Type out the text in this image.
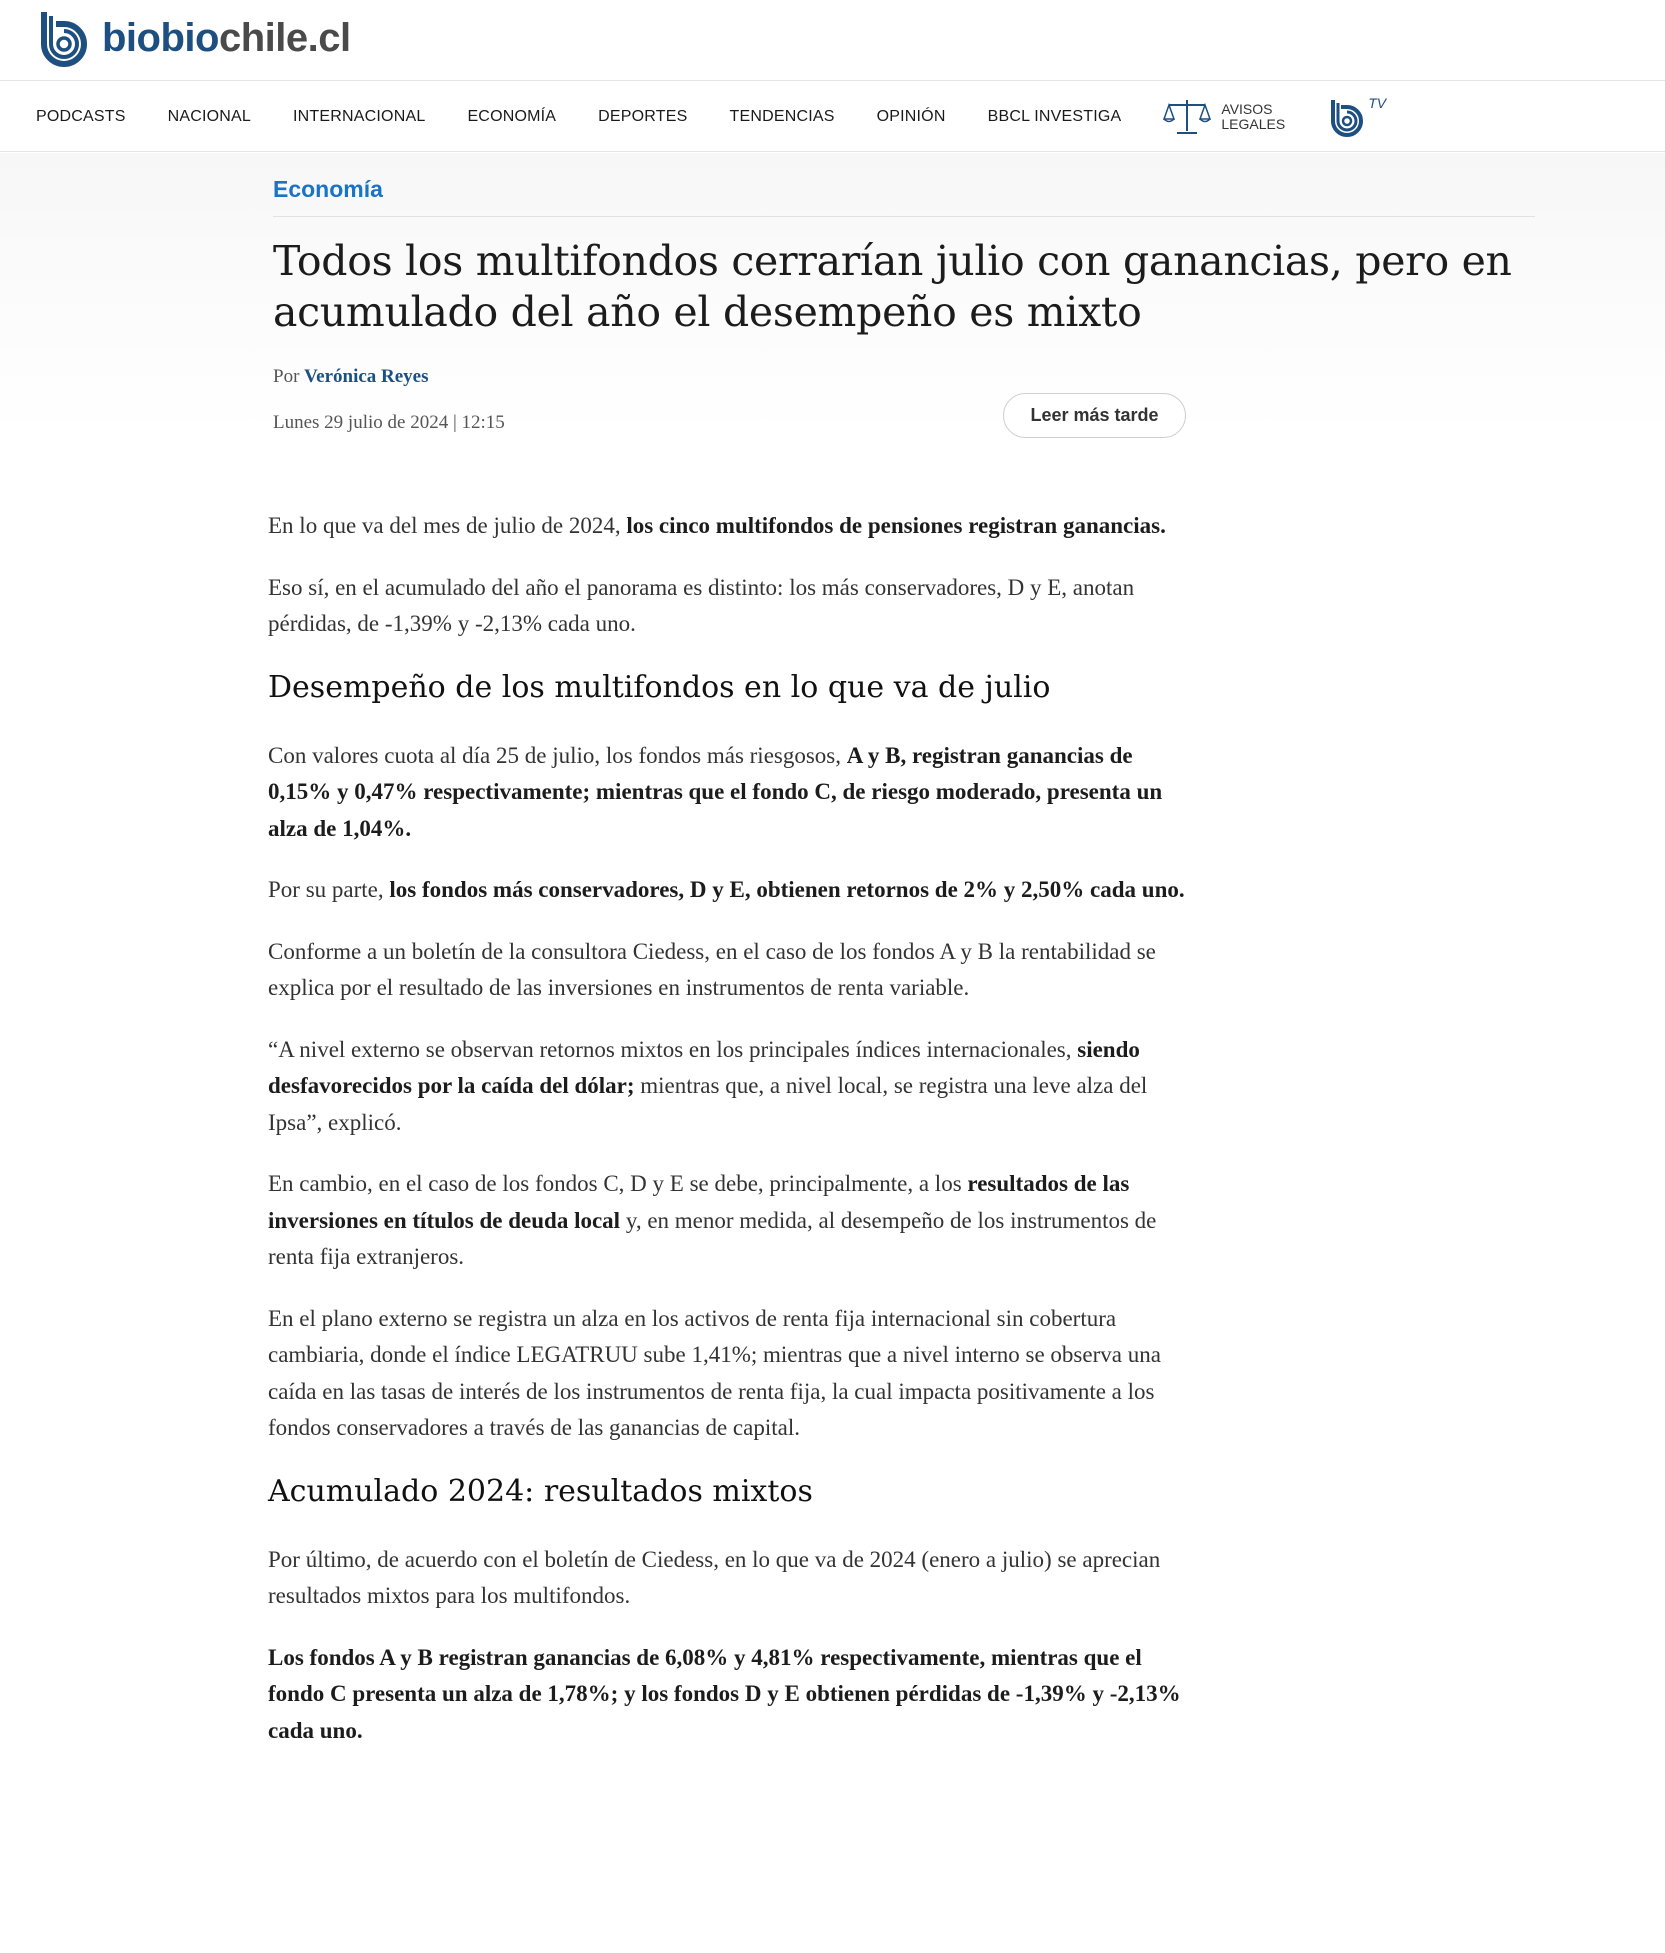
biobiochile.cl
PODCASTS	NACIONAL	INTERNACIONAL	ECONOMÍA	DEPORTES	TENDENCIAS	OPINIÓN	BBCL INVESTIGA	AVISOS
LEGALES
TV
Economía
Todos los multifondos cerrarían julio con ganancias, pero en acumulado del año el desempeño es mixto
Por Verónica Reyes
Lunes 29 julio de 2024 | 12:15	Leer más tarde

En lo que va del mes de julio de 2024, los cinco multifondos de pensiones registran ganancias.

Eso sí, en el acumulado del año el panorama es distinto: los más conservadores, D y E, anotan pérdidas, de -1,39% y -2,13% cada uno.

Desempeño de los multifondos en lo que va de julio

Con valores cuota al día 25 de julio, los fondos más riesgosos, A y B, registran ganancias de 0,15% y 0,47% respectivamente; mientras que el fondo C, de riesgo moderado, presenta un alza de 1,04%.

Por su parte, los fondos más conservadores, D y E, obtienen retornos de 2% y 2,50% cada uno.

Conforme a un boletín de la consultora Ciedess, en el caso de los fondos A y B la rentabilidad se explica por el resultado de las inversiones en instrumentos de renta variable.

“A nivel externo se observan retornos mixtos en los principales índices internacionales, siendo desfavorecidos por la caída del dólar; mientras que, a nivel local, se registra una leve alza del Ipsa”, explicó.

En cambio, en el caso de los fondos C, D y E se debe, principalmente, a los resultados de las inversiones en títulos de deuda local y, en menor medida, al desempeño de los instrumentos de renta fija extranjeros.

En el plano externo se registra un alza en los activos de renta fija internacional sin cobertura cambiaria, donde el índice LEGATRUU sube 1,41%; mientras que a nivel interno se observa una caída en las tasas de interés de los instrumentos de renta fija, la cual impacta positivamente a los fondos conservadores a través de las ganancias de capital.

Acumulado 2024: resultados mixtos

Por último, de acuerdo con el boletín de Ciedess, en lo que va de 2024 (enero a julio) se aprecian resultados mixtos para los multifondos.

Los fondos A y B registran ganancias de 6,08% y 4,81% respectivamente, mientras que el fondo C presenta un alza de 1,78%; y los fondos D y E obtienen pérdidas de -1,39% y -2,13% cada uno.
